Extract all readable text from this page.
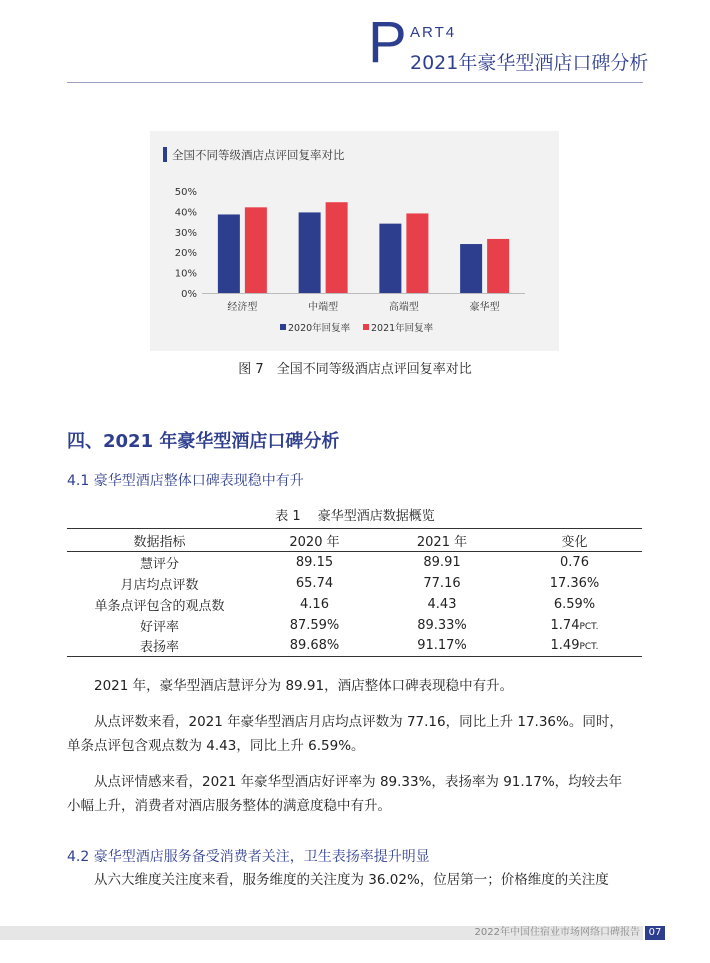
P ART4
2021年豪华型酒店口碑分析
全国不同等级酒店点评回复率对比
0%
10%
20%
30%
40%
50%
经济型	中端型	高端型	豪华型
2020年回复率 2021年回复率
图 7　全国不同等级酒店点评回复率对比
四、2021 年豪华型酒店口碑分析
4.1 豪华型酒店整体口碑表现稳中有升
表 1　 豪华型酒店数据概览
数据指标	2020 年	2021 年	变化
慧评分	89.15	89.91	0.76
月店均点评数	65.74	77.16	17.36%
单条点评包含的观点数	4.16	4.43	6.59%
好评率	87.59%	89.33%	1.74PCT.
表扬率	89.68%	91.17%	1.49PCT.
2021 年，豪华型酒店慧评分为 89.91，酒店整体口碑表现稳中有升。
从点评数来看，2021 年豪华型酒店月店均点评数为 77.16，同比上升 17.36%。同时，
单条点评包含观点数为 4.43，同比上升 6.59%。
从点评情感来看，2021 年豪华型酒店好评率为 89.33%，表扬率为 91.17%，均较去年
小幅上升，消费者对酒店服务整体的满意度稳中有升。
4.2 豪华型酒店服务备受消费者关注，卫生表扬率提升明显
从六大维度关注度来看，服务维度的关注度为 36.02%，位居第一；价格维度的关注度
2022年中国住宿业市场网络口碑报告 07
